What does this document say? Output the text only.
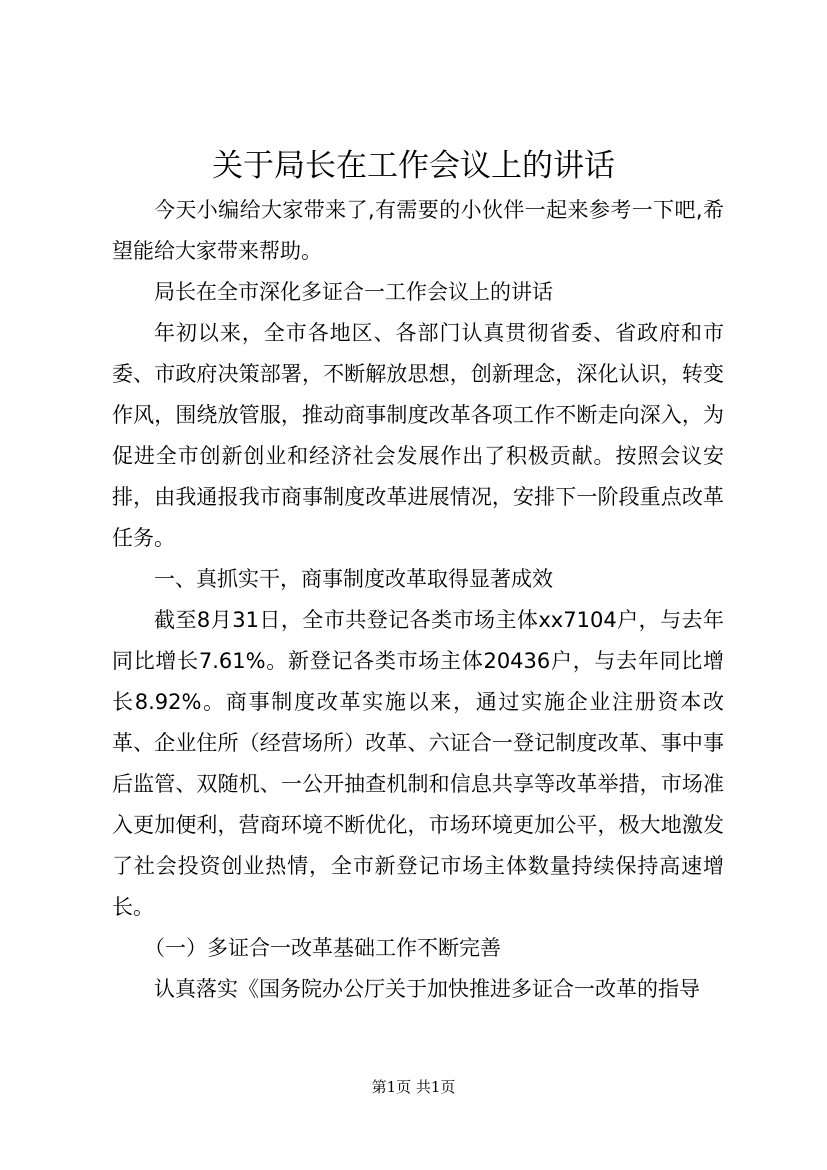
关于局长在工作会议上的讲话

今天小编给大家带来了,有需要的小伙伴一起来参考一下吧,希望能给大家带来帮助。

局长在全市深化多证合一工作会议上的讲话

年初以来，全市各地区、各部门认真贯彻省委、省政府和市委、市政府决策部署，不断解放思想，创新理念，深化认识，转变作风，围绕放管服，推动商事制度改革各项工作不断走向深入，为促进全市创新创业和经济社会发展作出了积极贡献。按照会议安排，由我通报我市商事制度改革进展情况，安排下一阶段重点改革任务。

一、真抓实干，商事制度改革取得显著成效

截至8月31日，全市共登记各类市场主体xx7104户，与去年同比增长7.61%。新登记各类市场主体20436户，与去年同比增长8.92%。商事制度改革实施以来，通过实施企业注册资本改革、企业住所（经营场所）改革、六证合一登记制度改革、事中事后监管、双随机、一公开抽查机制和信息共享等改革举措，市场准入更加便利，营商环境不断优化，市场环境更加公平，极大地激发了社会投资创业热情，全市新登记市场主体数量持续保持高速增长。

（一）多证合一改革基础工作不断完善

认真落实《国务院办公厅关于加快推进多证合一改革的指导

第1页 共1页
